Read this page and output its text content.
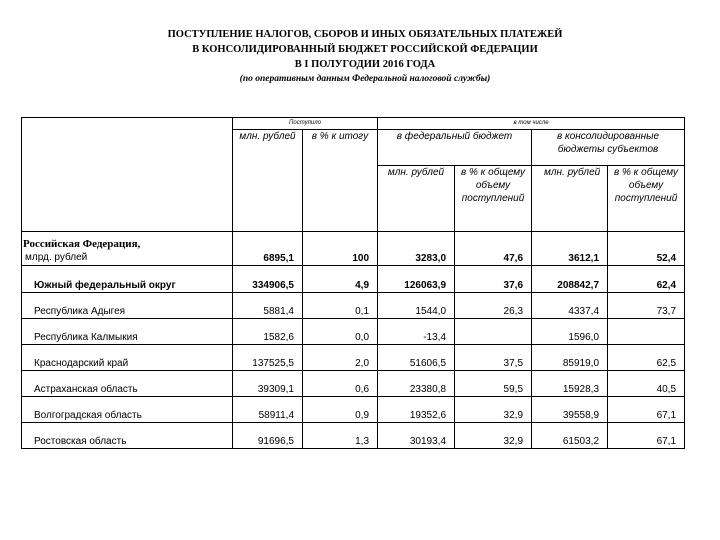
ПОСТУПЛЕНИЕ НАЛОГОВ, СБОРОВ И ИНЫХ ОБЯЗАТЕЛЬНЫХ ПЛАТЕЖЕЙ
В КОНСОЛИДИРОВАННЫЙ БЮДЖЕТ РОССИЙСКОЙ ФЕДЕРАЦИИ
В I ПОЛУГОДИИ 2016 ГОДА
(по оперативным данным Федеральной налоговой службы)
	Поступило		в том числе			
	млн. рублей	в % к итогу	в федеральный бюджет		в консолидированные бюджеты субъектов	
			млн. рублей	в % к общему объему поступлений	млн. рублей	в % к общему объему поступлений
Российская Федерация,
млрд. рублей	6895,1	100	3283,0	47,6	3612,1	52,4
Южный федеральный округ	334906,5	4,9	126063,9	37,6	208842,7	62,4
Республика Адыгея	5881,4	0,1	1544,0	26,3	4337,4	73,7
Республика Калмыкия	1582,6	0,0	-13,4		1596,0	
Краснодарский край	137525,5	2,0	51606,5	37,5	85919,0	62,5
Астраханская область	39309,1	0,6	23380,8	59,5	15928,3	40,5
Волгоградская область	58911,4	0,9	19352,6	32,9	39558,9	67,1
Ростовская область	91696,5	1,3	30193,4	32,9	61503,2	67,1
